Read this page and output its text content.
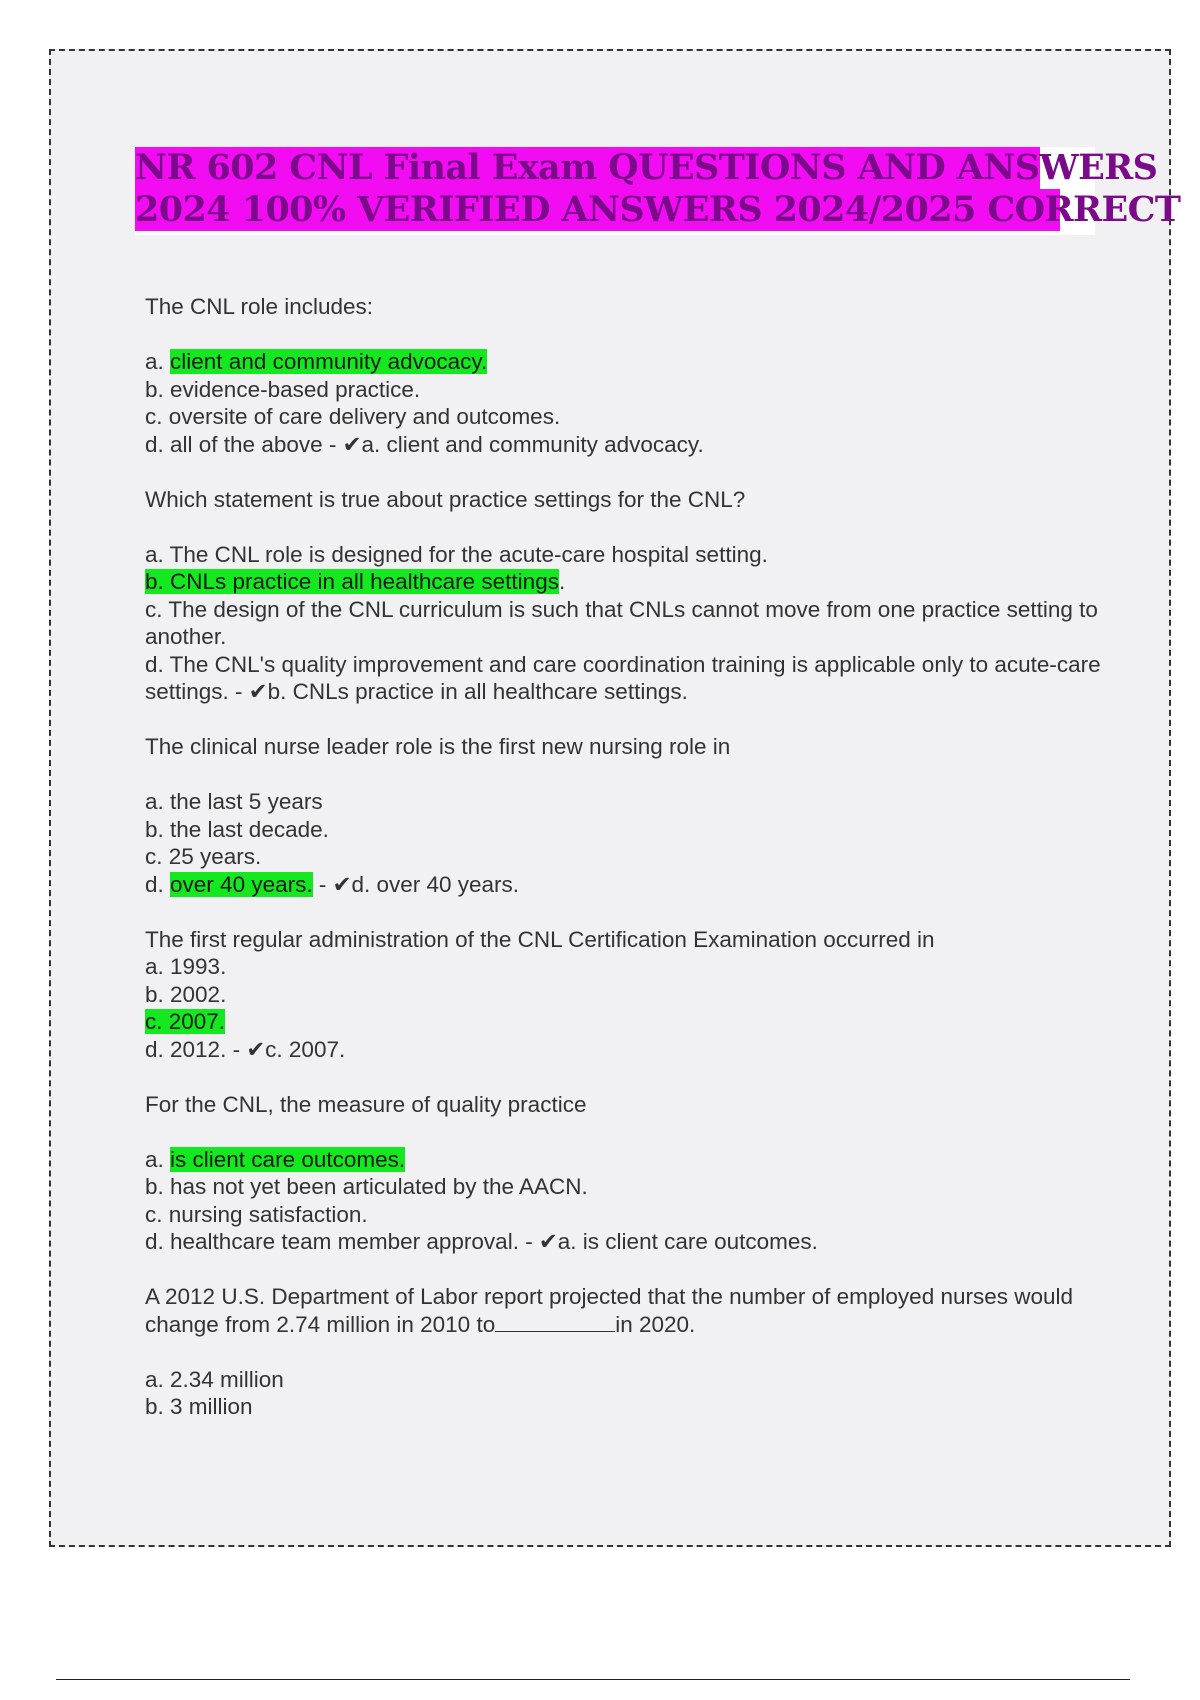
NR 602 CNL Final Exam QUESTIONS AND ANSWERS
2024 100% VERIFIED ANSWERS 2024/2025 CORRECT

The CNL role includes:

a. client and community advocacy.

b. evidence-based practice.

c. oversite of care delivery and outcomes.

d. all of the above - ✔a. client and community advocacy.

Which statement is true about practice settings for the CNL?

a. The CNL role is designed for the acute-care hospital setting.

b. CNLs practice in all healthcare settings.

c. The design of the CNL curriculum is such that CNLs cannot move from one practice setting to another.

d. The CNL's quality improvement and care coordination training is applicable only to acute-care settings. - ✔b. CNLs practice in all healthcare settings.

The clinical nurse leader role is the first new nursing role in

a. the last 5 years

b. the last decade.

c. 25 years.

d. over 40 years. - ✔d. over 40 years.

The first regular administration of the CNL Certification Examination occurred in

a. 1993.

b. 2002.

c. 2007.

d. 2012. - ✔c. 2007.

For the CNL, the measure of quality practice

a. is client care outcomes.

b. has not yet been articulated by the AACN.

c. nursing satisfaction.

d. healthcare team member approval. - ✔a. is client care outcomes.

A 2012 U.S. Department of Labor report projected that the number of employed nurses would change from 2.74 million in 2010 to	in 2020.

a. 2.34 million

b. 3 million
